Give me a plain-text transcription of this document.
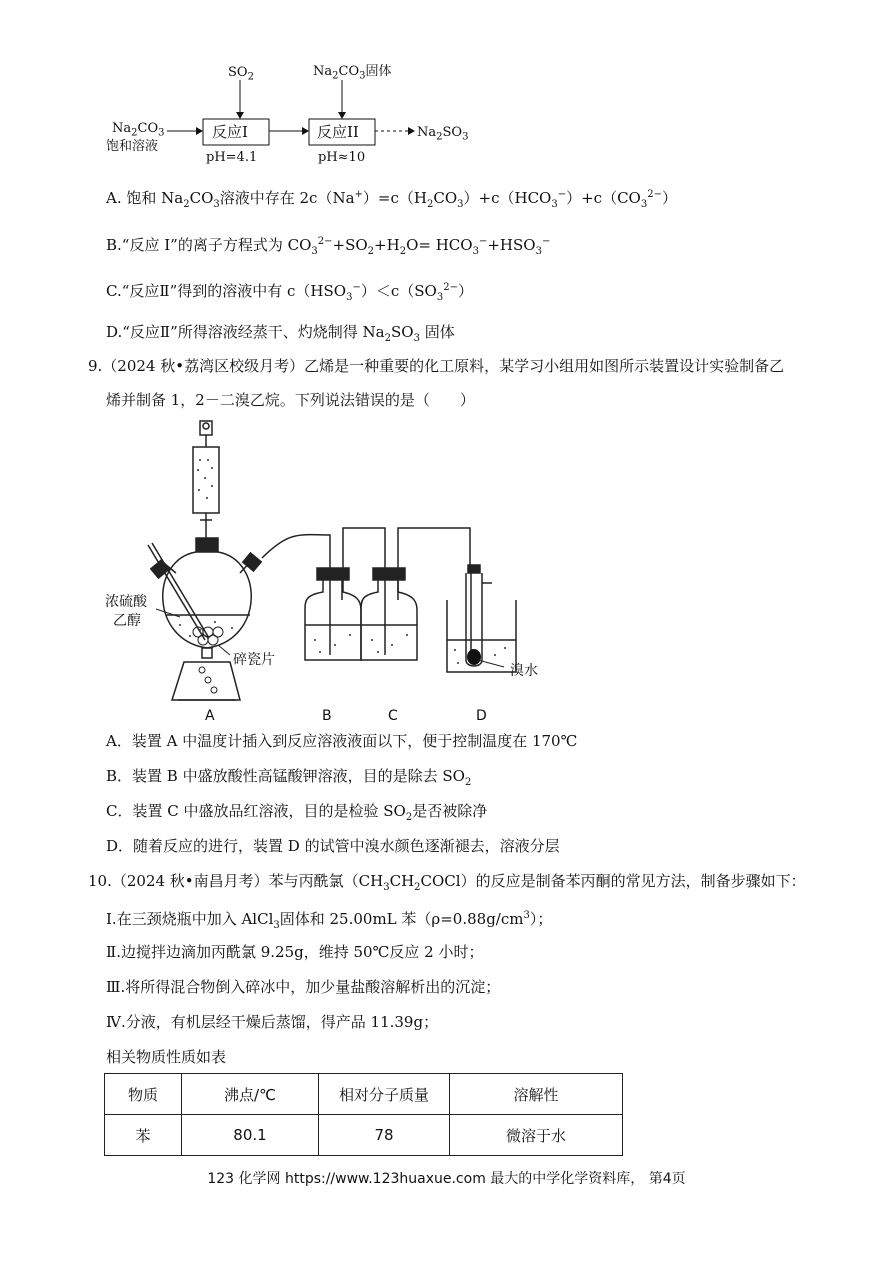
$SO_2$	$Na_2CO_3$固体
$Na_2CO_3$
饱和溶液
反应I	反应II
pH=4.1	pH≈10
$Na_2SO_3$
A. 饱和 $Na_2CO_3$溶液中存在 $2c(Na^+)=c(H_2CO_3)+c(HCO_3^-)+c(CO_3^{2-})$
B.“反应 I”的离子方程式为 $CO_3^{2-}+SO_2+H_2O= HCO_3^-+HSO_3^-$
C.“反应Ⅱ”得到的溶液中有 $c(HSO_3^-)<c(SO_3^{2-})$
D.“反应Ⅱ”所得溶液经蒸干、灼烧制得 $Na_2SO_3$ 固体
9.（2024 秋•荔湾区校级月考）乙烯是一种重要的化工原料，某学习小组用如图所示装置设计实验制备乙
烯并制备 1，2－二溴乙烷。下列说法错误的是（　　）
浓硫酸
乙醇
碎瓷片
溴水
A	B	C	D
A．装置 A 中温度计插入到反应溶液液面以下，便于控制温度在 170℃
B．装置 B 中盛放酸性高锰酸钾溶液，目的是除去 $SO_2$
C．装置 C 中盛放品红溶液，目的是检验 $SO_2$是否被除净
D．随着反应的进行，装置 D 的试管中溴水颜色逐渐褪去，溶液分层
10.（2024 秋•南昌月考）苯与丙酰氯$(CH_3CH_2COCl)$的反应是制备苯丙酮的常见方法，制备步骤如下：
Ⅰ.在三颈烧瓶中加入 AlCl$_3$固体和 25.00mL 苯$(\rho=0.88g/cm^3)$；
Ⅱ.边搅拌边滴加丙酰氯 9.25g，维持 50℃反应 2 小时；
Ⅲ.将所得混合物倒入碎冰中，加少量盐酸溶解析出的沉淀；
Ⅳ.分液，有机层经干燥后蒸馏，得产品 11.39g；
相关物质性质如表
物质	沸点/℃	相对分子质量	溶解性
苯	80.1	78	微溶于水
123 化学网 https://www.123huaxue.com 最大的中学化学资料库， 第4页
